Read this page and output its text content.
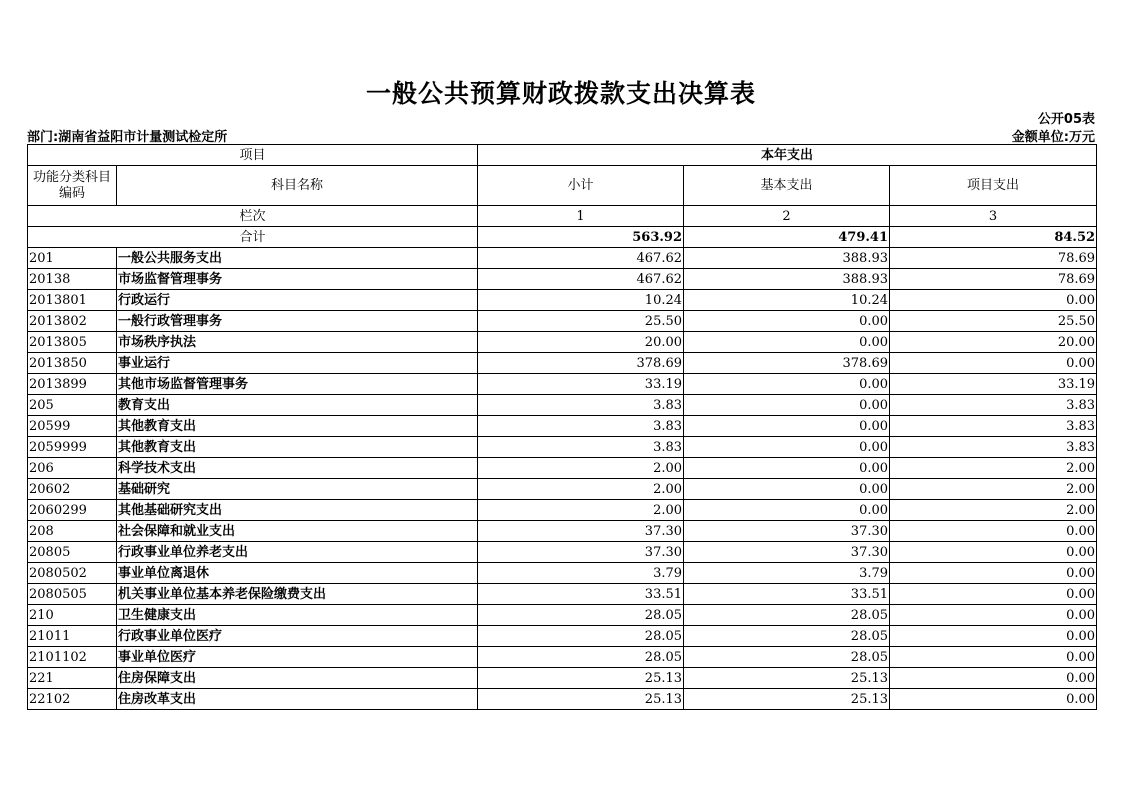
一般公共预算财政拨款支出决算表
公开05表
部门:湖南省益阳市计量测试检定所	金额单位:万元
项目		本年支出		
功能分类科目编码	科目名称	小计	基本支出	项目支出
栏次		1	2	3
合计		563.92	479.41	84.52
201	一般公共服务支出	467.62	388.93	78.69
20138	市场监督管理事务	467.62	388.93	78.69
2013801	行政运行	10.24	10.24	0.00
2013802	一般行政管理事务	25.50	0.00	25.50
2013805	市场秩序执法	20.00	0.00	20.00
2013850	事业运行	378.69	378.69	0.00
2013899	其他市场监督管理事务	33.19	0.00	33.19
205	教育支出	3.83	0.00	3.83
20599	其他教育支出	3.83	0.00	3.83
2059999	其他教育支出	3.83	0.00	3.83
206	科学技术支出	2.00	0.00	2.00
20602	基础研究	2.00	0.00	2.00
2060299	其他基础研究支出	2.00	0.00	2.00
208	社会保障和就业支出	37.30	37.30	0.00
20805	行政事业单位养老支出	37.30	37.30	0.00
2080502	事业单位离退休	3.79	3.79	0.00
2080505	机关事业单位基本养老保险缴费支出	33.51	33.51	0.00
210	卫生健康支出	28.05	28.05	0.00
21011	行政事业单位医疗	28.05	28.05	0.00
2101102	事业单位医疗	28.05	28.05	0.00
221	住房保障支出	25.13	25.13	0.00
22102	住房改革支出	25.13	25.13	0.00
